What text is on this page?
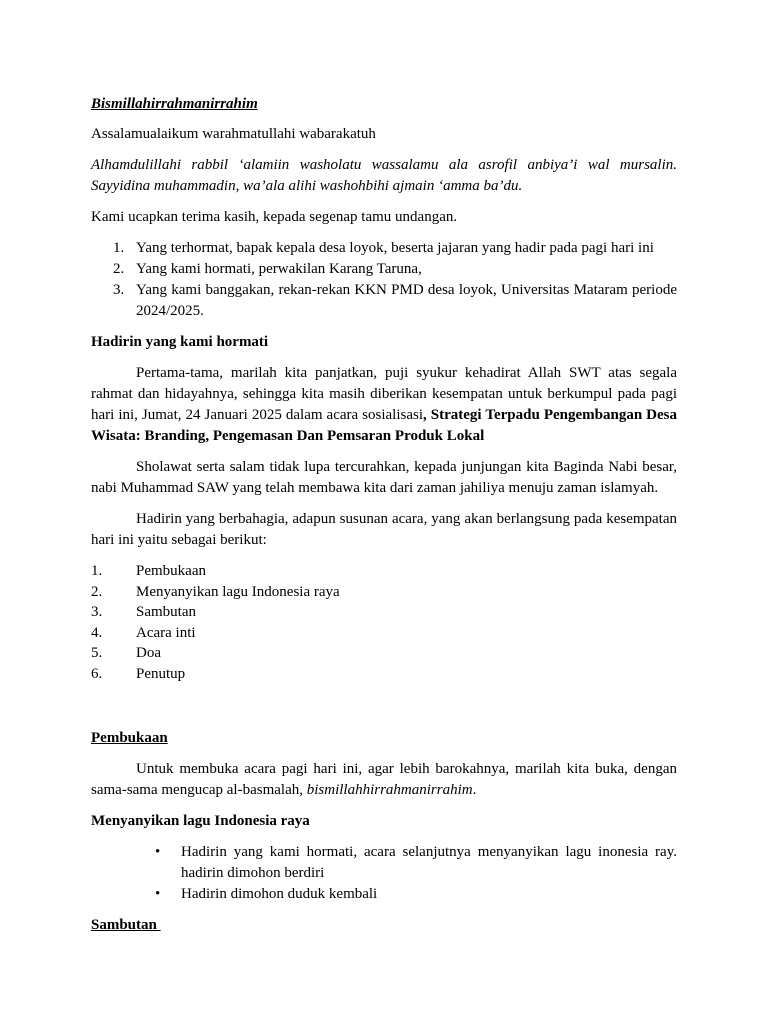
Bismillahirrahmanirrahim

Assalamualaikum warahmatullahi wabarakatuh

Alhamdulillahi rabbil ‘alamiin washolatu wassalamu ala asrofil anbiya’i wal mursalin. Sayyidina muhammadin, wa’ala alihi washohbihi ajmain ‘amma ba’du.

Kami ucapkan terima kasih, kepada segenap tamu undangan.

1. Yang terhormat, bapak kepala desa loyok, beserta jajaran yang hadir pada pagi hari ini
2. Yang kami hormati, perwakilan Karang Taruna,
3. Yang kami banggakan, rekan-rekan KKN PMD desa loyok, Universitas Mataram periode 2024/2025.

Hadirin yang kami hormati

Pertama-tama, marilah kita panjatkan, puji syukur kehadirat Allah SWT atas segala rahmat dan hidayahnya, sehingga kita masih diberikan kesempatan untuk berkumpul pada pagi hari ini, Jumat, 24 Januari 2025 dalam acara sosialisasi, Strategi Terpadu Pengembangan Desa Wisata: Branding, Pengemasan Dan Pemsaran Produk Lokal

Sholawat serta salam tidak lupa tercurahkan, kepada junjungan kita Baginda Nabi besar, nabi Muhammad SAW yang telah membawa kita dari zaman jahiliya menuju zaman islamyah.

Hadirin yang berbahagia, adapun susunan acara, yang akan berlangsung pada kesempatan hari ini yaitu sebagai berikut:

1. Pembukaan
2. Menyanyikan lagu Indonesia raya
3. Sambutan
4. Acara inti
5. Doa
6. Penutup

Pembukaan

Untuk membuka acara pagi hari ini, agar lebih barokahnya, marilah kita buka, dengan sama-sama mengucap al-basmalah, bismillahhirrahmanirrahim.

Menyanyikan lagu Indonesia raya

• Hadirin yang kami hormati, acara selanjutnya menyanyikan lagu inonesia ray. hadirin dimohon berdiri
• Hadirin dimohon duduk kembali

Sambutan
